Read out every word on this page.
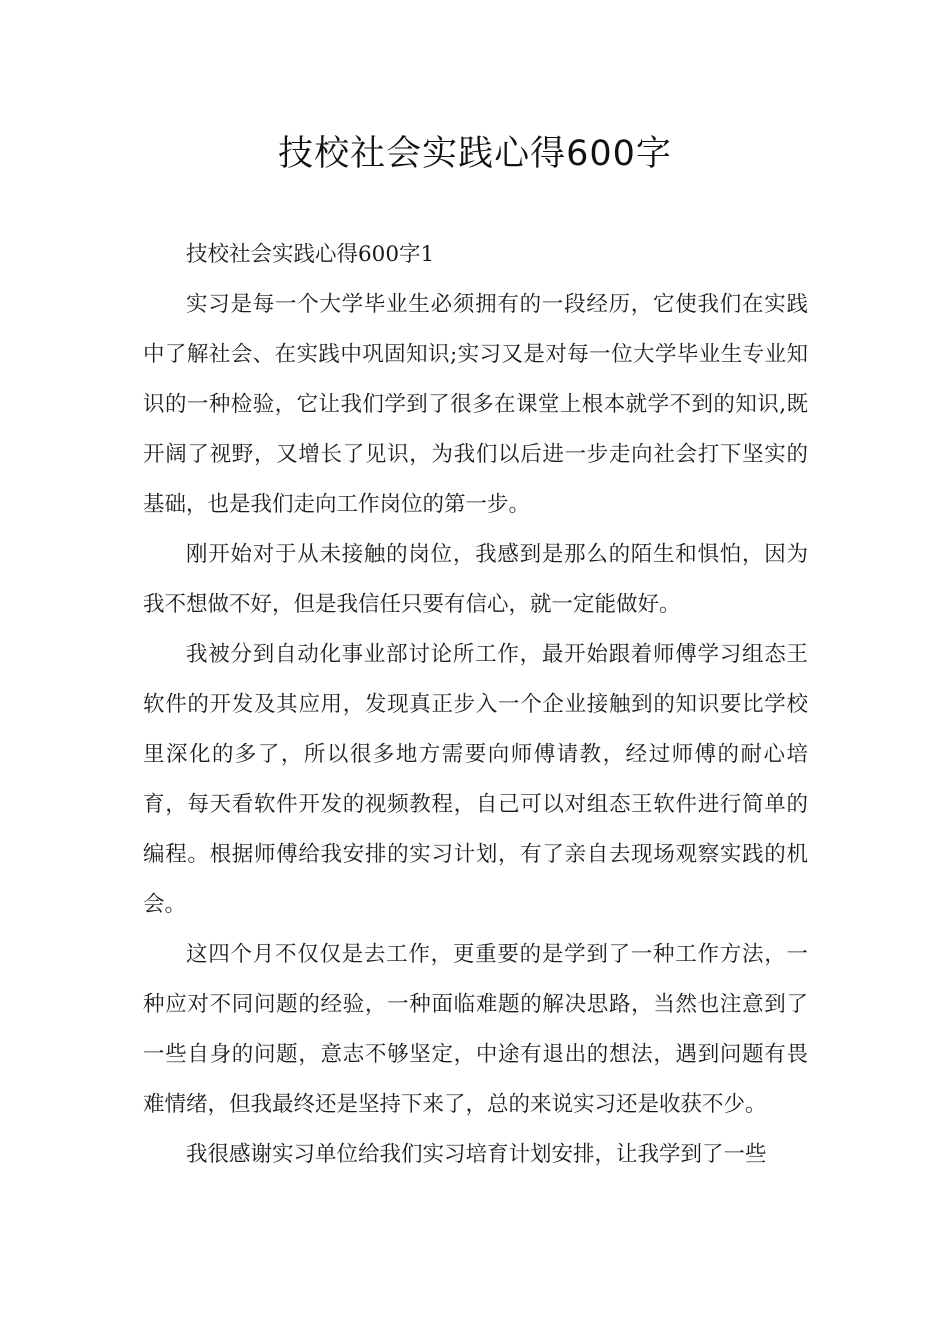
技校社会实践心得600字

技校社会实践心得600字1

实习是每一个大学毕业生必须拥有的一段经历，它使我们在实践中了解社会、在实践中巩固知识;实习又是对每一位大学毕业生专业知识的一种检验，它让我们学到了很多在课堂上根本就学不到的知识,既开阔了视野，又增长了见识，为我们以后进一步走向社会打下坚实的基础，也是我们走向工作岗位的第一步。

刚开始对于从未接触的岗位，我感到是那么的陌生和惧怕，因为我不想做不好，但是我信任只要有信心，就一定能做好。

我被分到自动化事业部讨论所工作，最开始跟着师傅学习组态王软件的开发及其应用，发现真正步入一个企业接触到的知识要比学校里深化的多了，所以很多地方需要向师傅请教，经过师傅的耐心培育，每天看软件开发的视频教程，自己可以对组态王软件进行简单的编程。根据师傅给我安排的实习计划，有了亲自去现场观察实践的机会。

这四个月不仅仅是去工作，更重要的是学到了一种工作方法，一种应对不同问题的经验，一种面临难题的解决思路，当然也注意到了一些自身的问题，意志不够坚定，中途有退出的想法，遇到问题有畏难情绪，但我最终还是坚持下来了，总的来说实习还是收获不少。

我很感谢实习单位给我们实习培育计划安排，让我学到了一些
